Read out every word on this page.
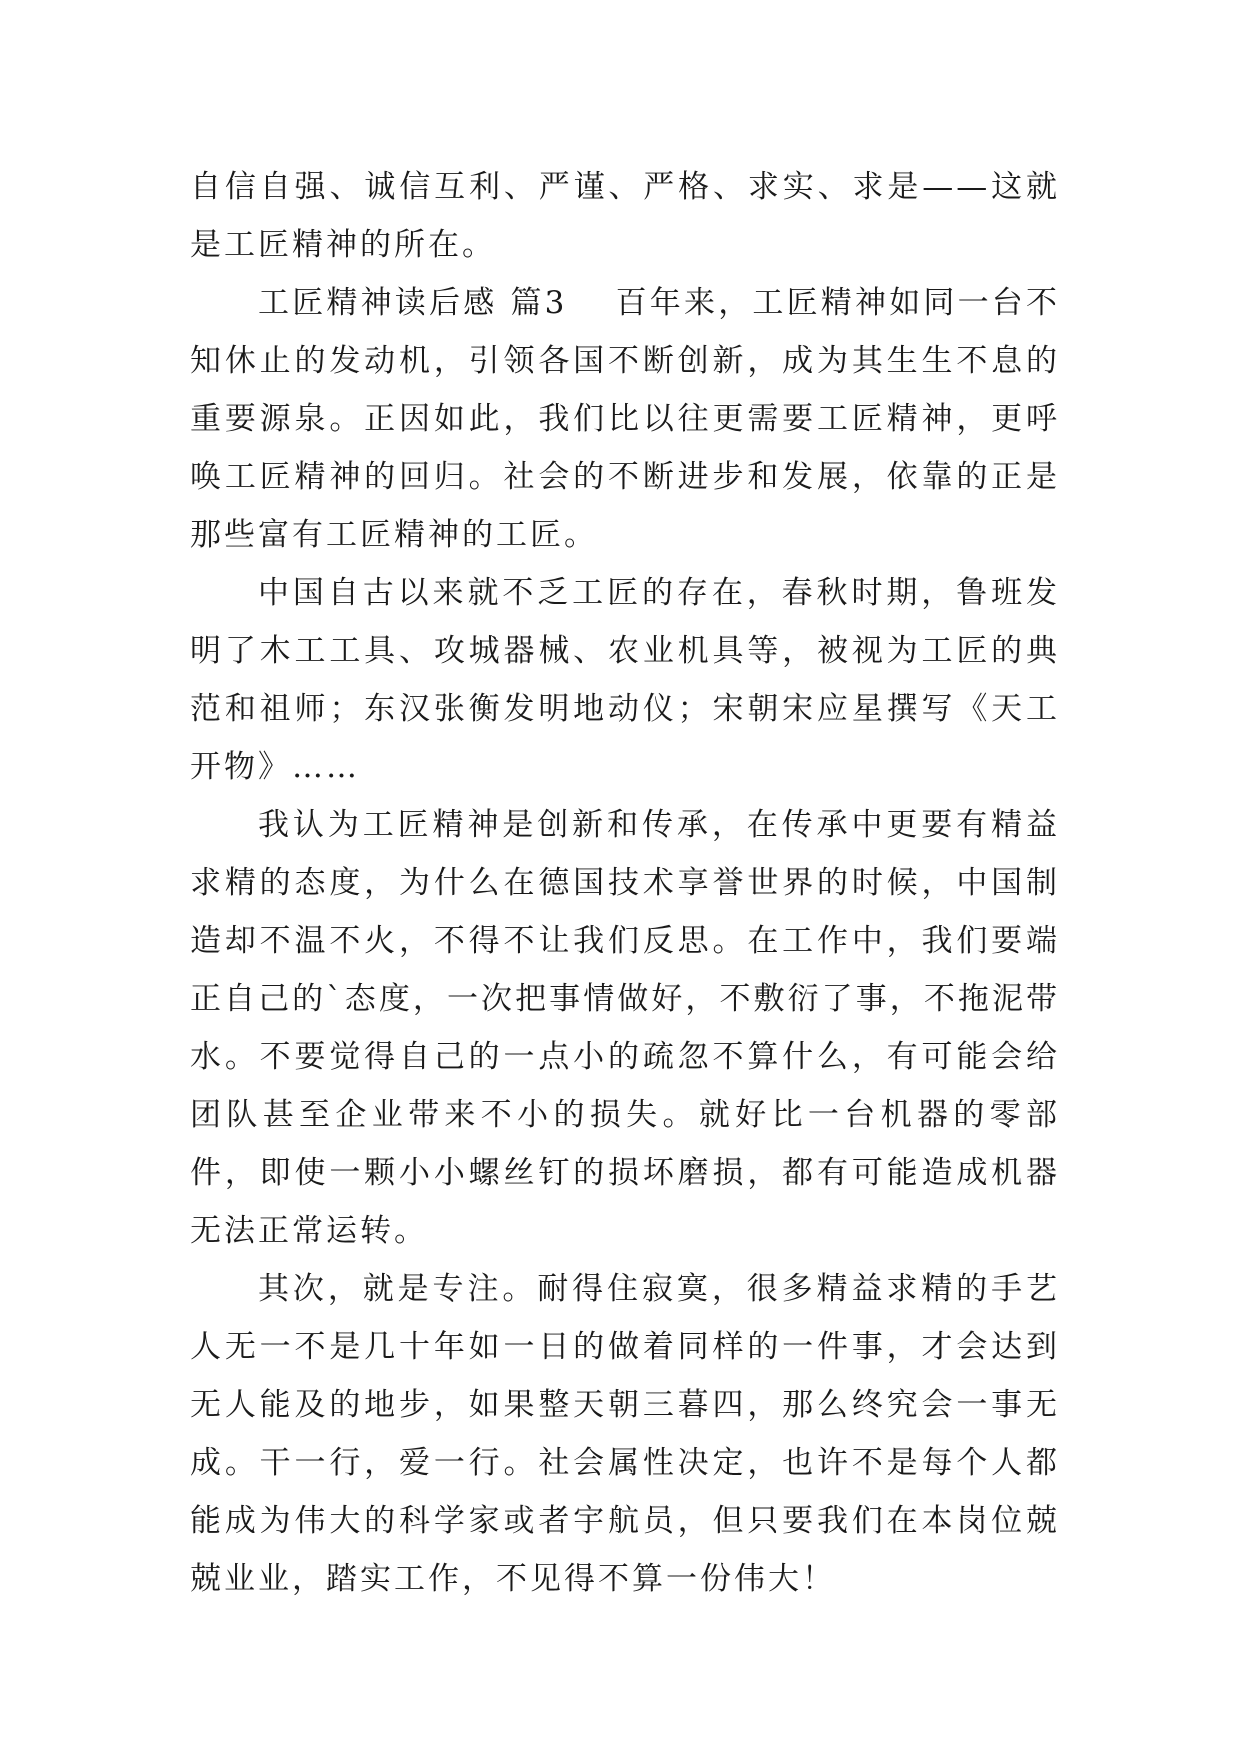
自信自强、诚信互利、严谨、严格、求实、求是——这就是工匠精神的所在。

工匠精神读后感 篇3 百年来，工匠精神如同一台不知休止的发动机，引领各国不断创新，成为其生生不息的重要源泉。正因如此，我们比以往更需要工匠精神，更呼唤工匠精神的回归。社会的不断进步和发展，依靠的正是那些富有工匠精神的工匠。

中国自古以来就不乏工匠的存在，春秋时期，鲁班发明了木工工具、攻城器械、农业机具等，被视为工匠的典范和祖师；东汉张衡发明地动仪；宋朝宋应星撰写《天工开物》……

我认为工匠精神是创新和传承，在传承中更要有精益求精的态度，为什么在德国技术享誉世界的时候，中国制造却不温不火，不得不让我们反思。在工作中，我们要端正自己的`态度，一次把事情做好，不敷衍了事，不拖泥带水。不要觉得自己的一点小的疏忽不算什么，有可能会给团队甚至企业带来不小的损失。就好比一台机器的零部件，即使一颗小小螺丝钉的损坏磨损，都有可能造成机器无法正常运转。

其次，就是专注。耐得住寂寞，很多精益求精的手艺人无一不是几十年如一日的做着同样的一件事，才会达到无人能及的地步，如果整天朝三暮四，那么终究会一事无成。干一行，爱一行。社会属性决定，也许不是每个人都能成为伟大的科学家或者宇航员，但只要我们在本岗位兢兢业业，踏实工作，不见得不算一份伟大！
